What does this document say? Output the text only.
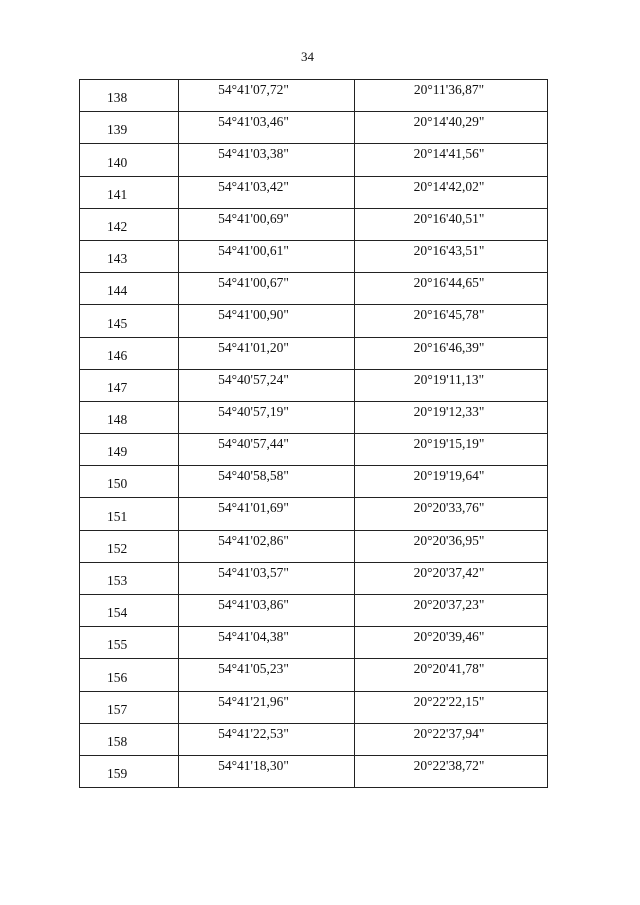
34
138	54°41'07,72"	20°11'36,87"
139	54°41'03,46"	20°14'40,29"
140	54°41'03,38"	20°14'41,56"
141	54°41'03,42"	20°14'42,02"
142	54°41'00,69"	20°16'40,51"
143	54°41'00,61"	20°16'43,51"
144	54°41'00,67"	20°16'44,65"
145	54°41'00,90"	20°16'45,78"
146	54°41'01,20"	20°16'46,39"
147	54°40'57,24"	20°19'11,13"
148	54°40'57,19"	20°19'12,33"
149	54°40'57,44"	20°19'15,19"
150	54°40'58,58"	20°19'19,64"
151	54°41'01,69"	20°20'33,76"
152	54°41'02,86"	20°20'36,95"
153	54°41'03,57"	20°20'37,42"
154	54°41'03,86"	20°20'37,23"
155	54°41'04,38"	20°20'39,46"
156	54°41'05,23"	20°20'41,78"
157	54°41'21,96"	20°22'22,15"
158	54°41'22,53"	20°22'37,94"
159	54°41'18,30"	20°22'38,72"
